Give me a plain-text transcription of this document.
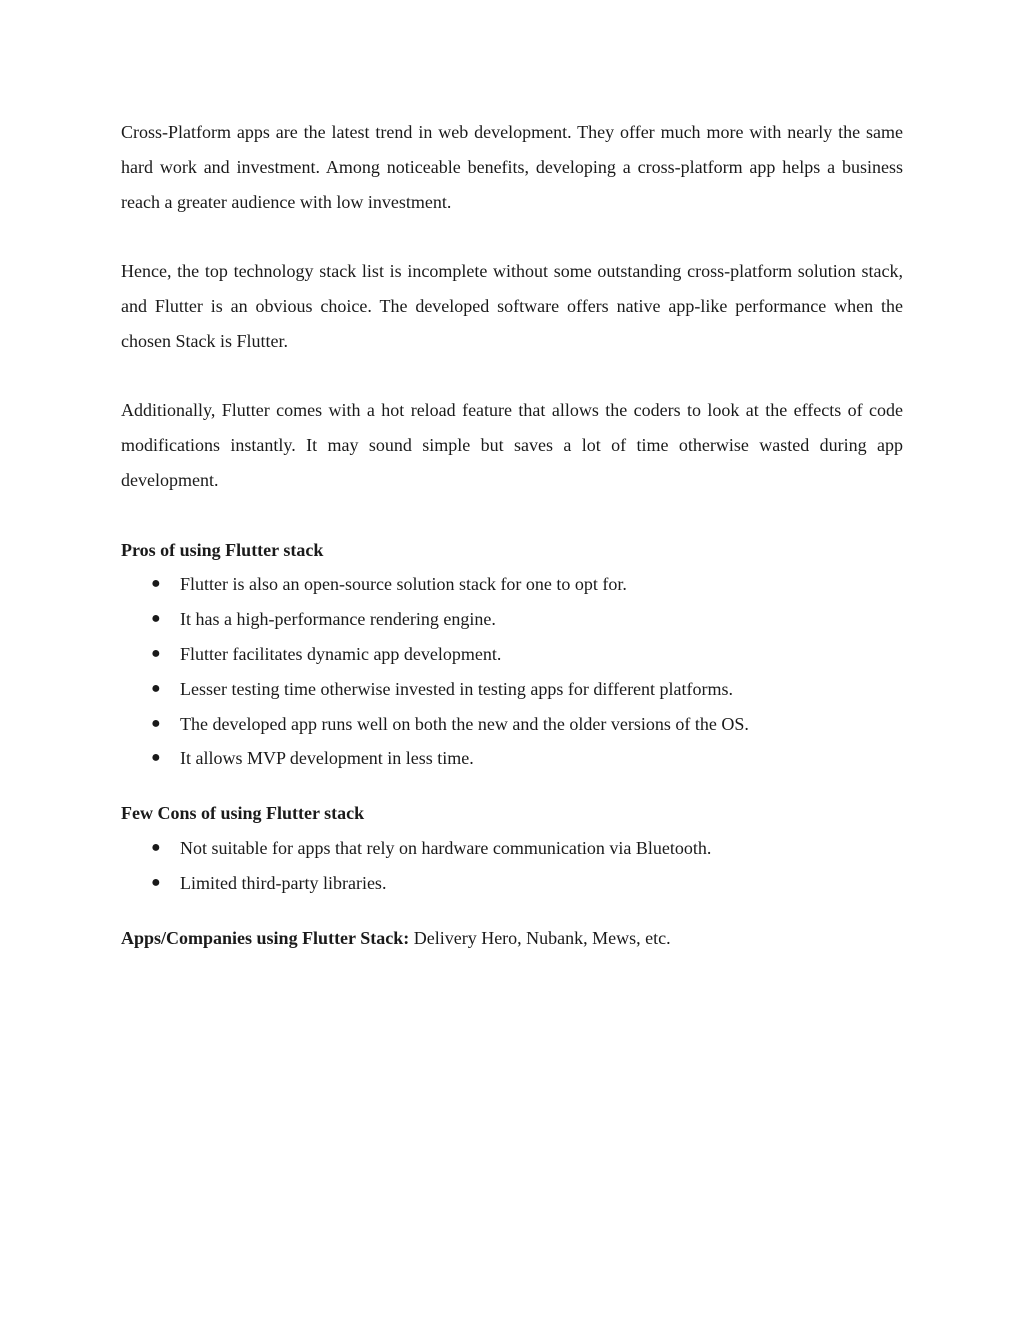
Cross-Platform apps are the latest trend in web development. They offer much more with nearly the same hard work and investment. Among noticeable benefits, developing a cross-platform app helps a business reach a greater audience with low investment.

Hence, the top technology stack list is incomplete without some outstanding cross-platform solution stack, and Flutter is an obvious choice. The developed software offers native app-like performance when the chosen Stack is Flutter.

Additionally, Flutter comes with a hot reload feature that allows the coders to look at the effects of code modifications instantly. It may sound simple but saves a lot of time otherwise wasted during app development.

Pros of using Flutter stack
● Flutter is also an open-source solution stack for one to opt for.
● It has a high-performance rendering engine.
● Flutter facilitates dynamic app development.
● Lesser testing time otherwise invested in testing apps for different platforms.
● The developed app runs well on both the new and the older versions of the OS.
● It allows MVP development in less time.
Few Cons of using Flutter stack
● Not suitable for apps that rely on hardware communication via Bluetooth.
● Limited third-party libraries.

Apps/Companies using Flutter Stack: Delivery Hero, Nubank, Mews, etc.
